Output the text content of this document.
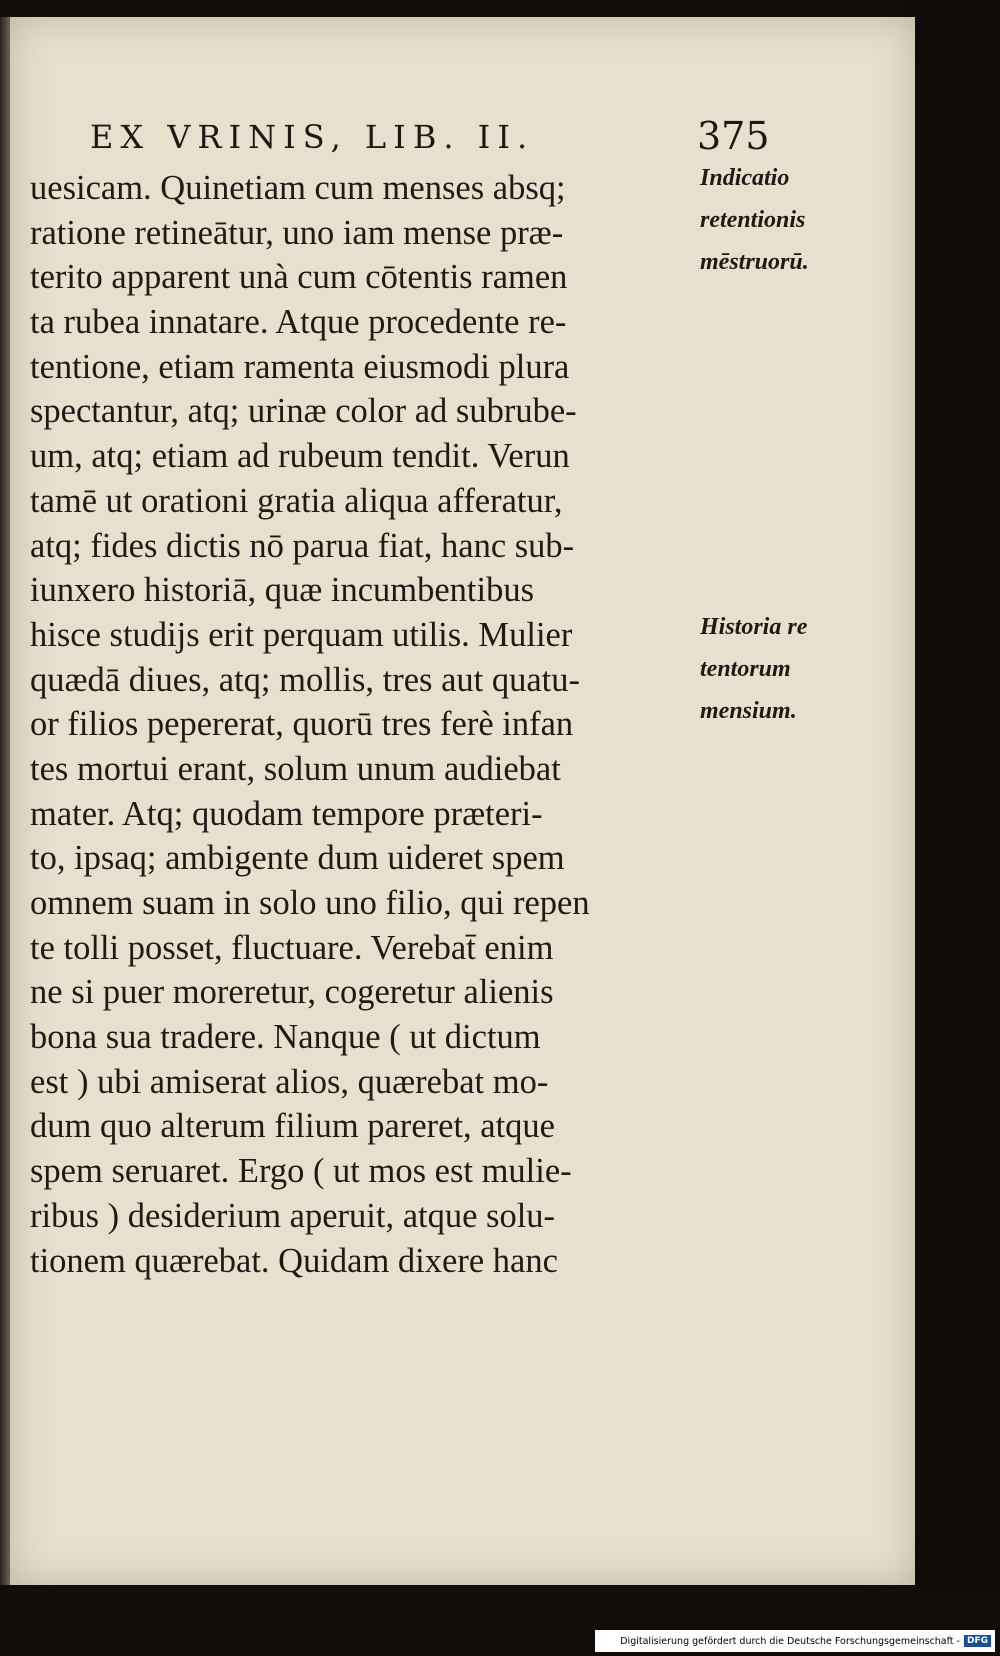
EX VRINIS, LIB. II.	375
uesicam. Quinetiam cum menses absq;
ratione retineātur, uno iam mense præ-
terito apparent unà cum cōtentis ramen
ta rubea innatare. Atque procedente re-
tentione, etiam ramenta eiusmodi plura
spectantur, atq; urinæ color ad subrube-
um, atq; etiam ad rubeum tendit. Verun
tamē ut orationi gratia aliqua afferatur,
atq; fides dictis nō parua fiat, hanc sub-
iunxero historiā, quæ incumbentibus
hisce studijs erit perquam utilis. Mulier
quædā diues, atq; mollis, tres aut quatu-
or filios pepererat, quorū tres ferè infan
tes mortui erant, solum unum audiebat
mater. Atq; quodam tempore præteri-
to, ipsaq; ambigente dum uideret spem
omnem suam in solo uno filio, qui repen
te tolli posset, fluctuare. Verebat̄ enim
ne si puer moreretur, cogeretur alienis
bona sua tradere. Nanque ( ut dictum
est ) ubi amiserat alios, quærebat mo-
dum quo alterum filium pareret, atque
spem seruaret. Ergo ( ut mos est mulie-
ribus ) desiderium aperuit, atque solu-
tionem quærebat. Quidam dixere hanc
Indicatio
retentionis
mēstruorū.
Historia re
tentorum
mensium.
Digitalisierung gefördert durch die Deutsche Forschungsgemeinschaft - DFG
